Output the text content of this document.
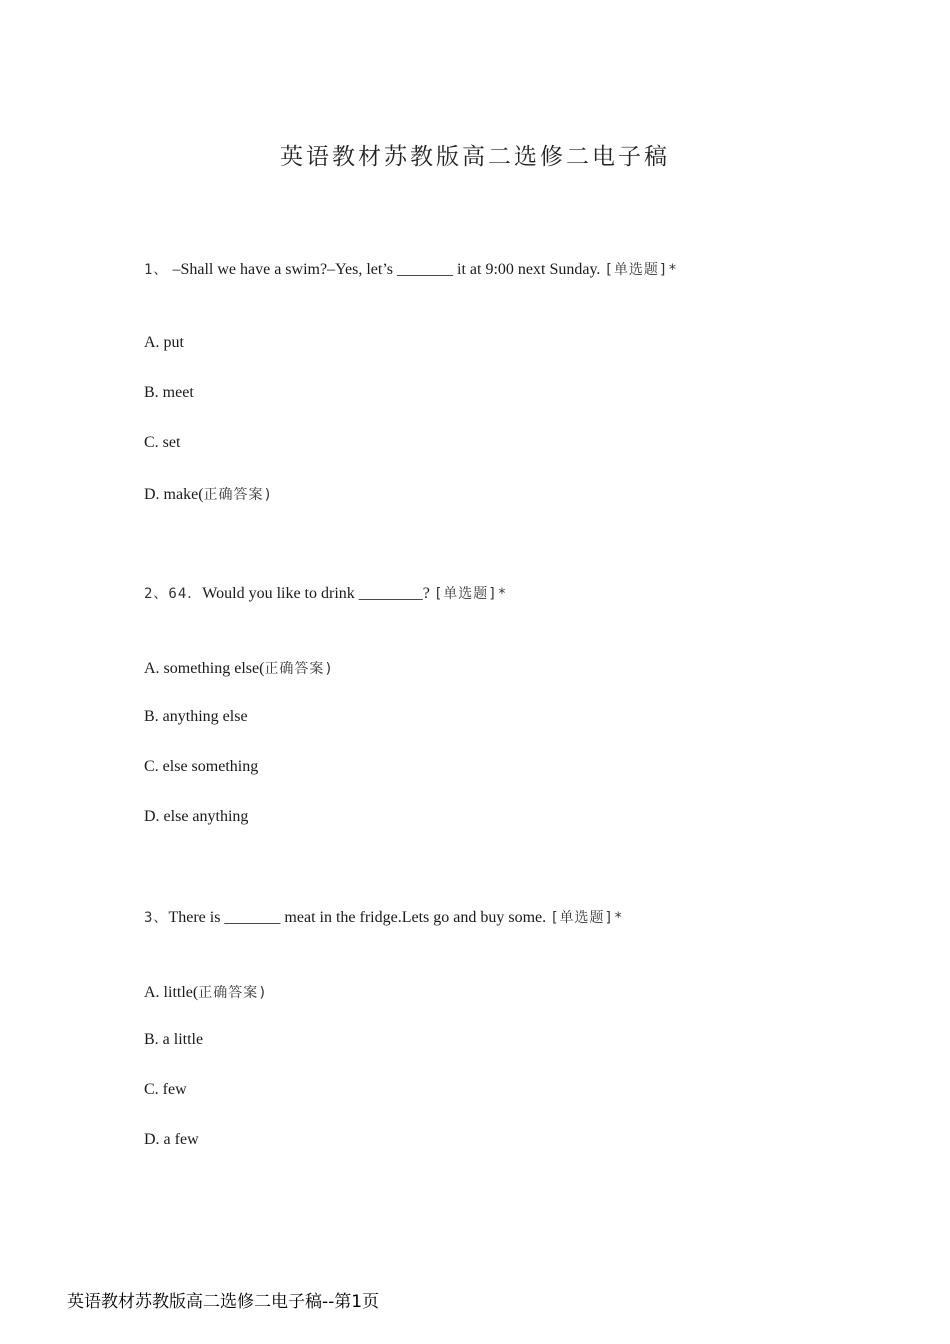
英语教材苏教版高二选修二电子稿
1、 –Shall we have a swim?–Yes, let’s _______ it at 9:00 next Sunday. [单选题]*
A. put
B. meet
C. set
D. make(正确答案)
2、64．Would you like to drink ________? [单选题]*
A. something else(正确答案)
B. anything else
C. else something
D. else anything
3、There is _______ meat in the fridge.Lets go and buy some. [单选题]*
A. little(正确答案)
B. a little
C. few
D. a few
英语教材苏教版高二选修二电子稿--第1页
